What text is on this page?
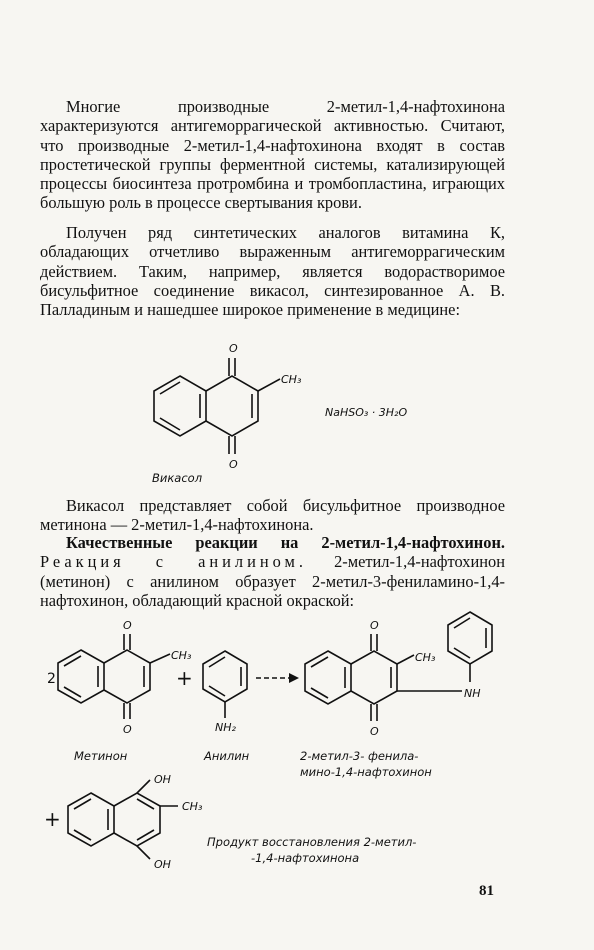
Многие производные 2-метил-1,4-нафтохинона характеризуются антигеморрагической активностью. Считают, что производные 2-метил-1,4-нафтохинона входят в состав простетической группы ферментной системы, катализирующей процессы биосинтеза протромбина и тромбопластина, играющих большую роль в процессе свертывания крови.

Получен ряд синтетических аналогов витамина К, обладающих отчетливо выраженным антигеморрагическим действием. Таким, например, является водорастворимое бисульфитное соединение викасол, синтезированное А. В. Палладиным и нашедшее широкое применение в медицине:

O
O
CH₃
NaHSO₃ · 3H₂O
Викасол

Викасол представляет собой бисульфитное производное метинона — 2-метил-1,4-нафтохинона.

Качественные реакции на 2-метил-1,4-нафтохинон. Реакция с анилином. 2-метил-1,4-нафтохинон (метинон) с анилином образует 2-метил-3-фениламино-1,4-нафтохинон, обладающий красной окраской:

2
O
O
CH₃
Метинон
+
NH₂
Анилин
O
O
CH₃
NH
2-метил-3- фенила-
мино-1,4-нафтохинон
+
OH
OH
CH₃
Продукт восстановления 2-метил-
-1,4-нафтохинона
81
